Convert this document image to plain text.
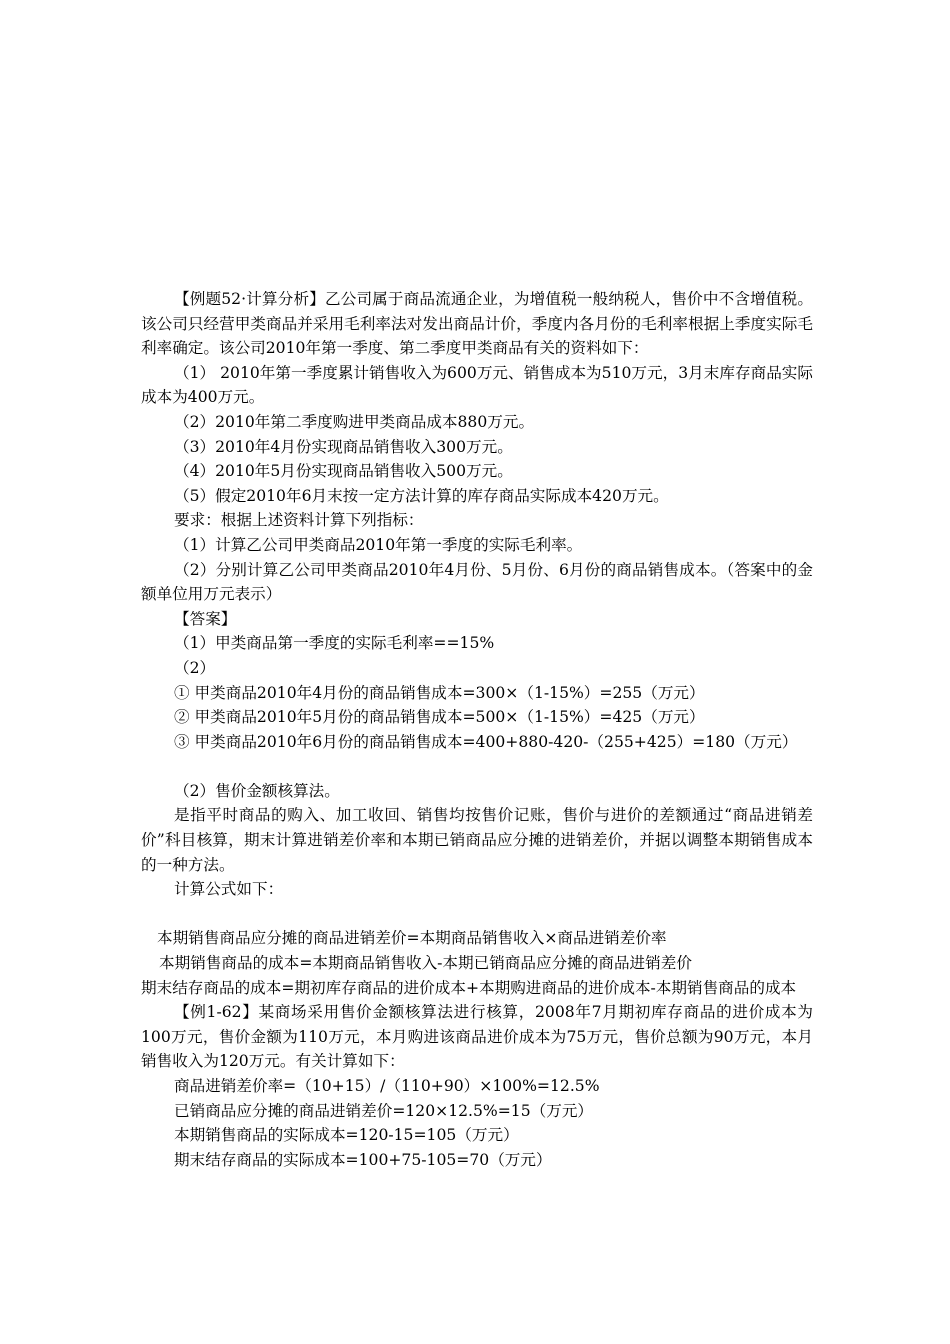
【例题52·计算分析】乙公司属于商品流通企业，为增值税一般纳税人，售价中不含增值税。该公司只经营甲类商品并采用毛利率法对发出商品计价，季度内各月份的毛利率根据上季度实际毛利率确定。该公司2010年第一季度、第二季度甲类商品有关的资料如下：

（1） 2010年第一季度累计销售收入为600万元、销售成本为510万元，3月末库存商品实际成本为400万元。

（2）2010年第二季度购进甲类商品成本880万元。

（3）2010年4月份实现商品销售收入300万元。

（4）2010年5月份实现商品销售收入500万元。

（5）假定2010年6月末按一定方法计算的库存商品实际成本420万元。

要求：根据上述资料计算下列指标：

（1）计算乙公司甲类商品2010年第一季度的实际毛利率。

（2）分别计算乙公司甲类商品2010年4月份、5月份、6月份的商品销售成本。（答案中的金额单位用万元表示）

【答案】

（1）甲类商品第一季度的实际毛利率==15%

（2）

① 甲类商品2010年4月份的商品销售成本=300×（1-15%）=255（万元）

② 甲类商品2010年5月份的商品销售成本=500×（1-15%）=425（万元）

③ 甲类商品2010年6月份的商品销售成本=400+880-420-（255+425）=180（万元）

（2）售价金额核算法。

是指平时商品的购入、加工收回、销售均按售价记账，售价与进价的差额通过“商品进销差价”科目核算，期末计算进销差价率和本期已销商品应分摊的进销差价，并据以调整本期销售成本的一种方法。

计算公式如下：

本期销售商品应分摊的商品进销差价=本期商品销售收入×商品进销差价率

本期销售商品的成本=本期商品销售收入-本期已销商品应分摊的商品进销差价

期末结存商品的成本=期初库存商品的进价成本+本期购进商品的进价成本-本期销售商品的成本

【例1-62】某商场采用售价金额核算法进行核算，2008年7月期初库存商品的进价成本为100万元，售价金额为110万元，本月购进该商品进价成本为75万元，售价总额为90万元，本月销售收入为120万元。有关计算如下：

商品进销差价率=（10+15）/（110+90）×100%=12.5%

已销商品应分摊的商品进销差价=120×12.5%=15（万元）

本期销售商品的实际成本=120-15=105（万元）

期末结存商品的实际成本=100+75-105=70（万元）
